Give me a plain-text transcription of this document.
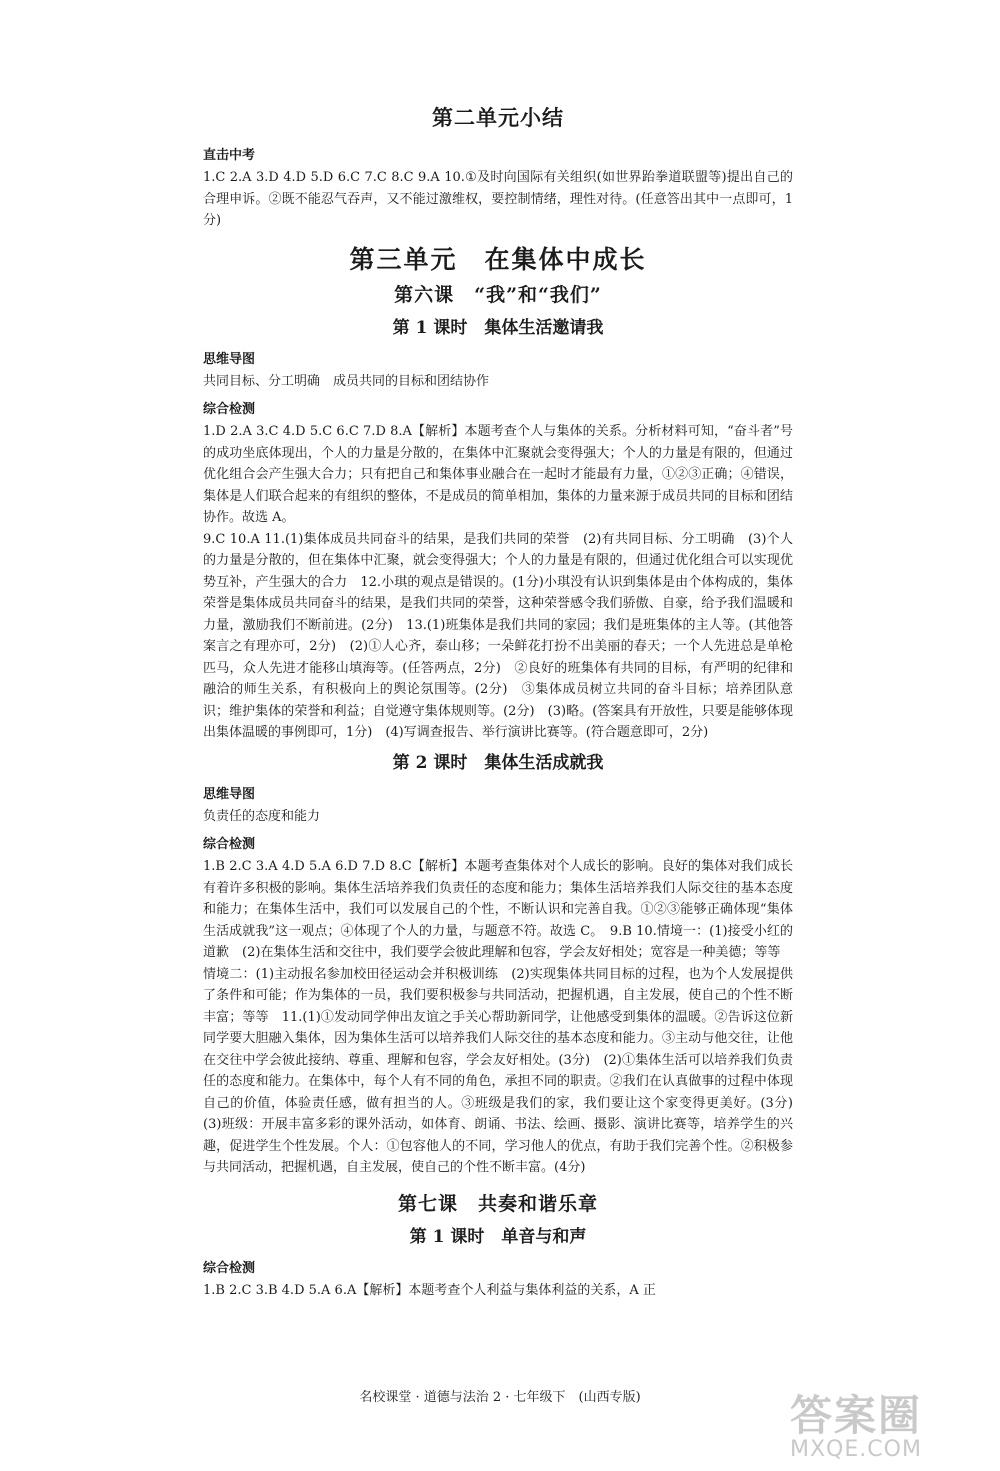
第二单元小结
直击中考

1.C 2.A 3.D 4.D 5.D 6.C 7.C 8.C 9.A 10.①及时向国际有关组织(如世界跆拳道联盟等)提出自己的合理申诉。②既不能忍气吞声，又不能过激维权，要控制情绪，理性对待。(任意答出其中一点即可，1分)

第三单元　在集体中成长
第六课　“我”和“我们”
第 1 课时　集体生活邀请我
思维导图

共同目标、分工明确　成员共同的目标和团结协作

综合检测

1.D 2.A 3.C 4.D 5.C 6.C 7.D 8.A【解析】本题考查个人与集体的关系。分析材料可知，“奋斗者”号的成功坐底体现出，个人的力量是分散的，在集体中汇聚就会变得强大；个人的力量是有限的，但通过优化组合会产生强大合力；只有把自己和集体事业融合在一起时才能最有力量，①②③正确；④错误，集体是人们联合起来的有组织的整体，不是成员的简单相加，集体的力量来源于成员共同的目标和团结协作。故选 A。

9.C 10.A 11.(1)集体成员共同奋斗的结果，是我们共同的荣誉　(2)有共同目标、分工明确　(3)个人的力量是分散的，但在集体中汇聚，就会变得强大；个人的力量是有限的，但通过优化组合可以实现优势互补，产生强大的合力　12.小琪的观点是错误的。(1分)小琪没有认识到集体是由个体构成的，集体荣誉是集体成员共同奋斗的结果，是我们共同的荣誉，这种荣誉感令我们骄傲、自豪，给予我们温暖和力量，激励我们不断前进。(2分)　13.(1)班集体是我们共同的家园；我们是班集体的主人等。(其他答案言之有理亦可，2分)　(2)①人心齐，泰山移；一朵鲜花打扮不出美丽的春天；一个人先进总是单枪匹马，众人先进才能移山填海等。(任答两点，2分)　②良好的班集体有共同的目标，有严明的纪律和融洽的师生关系，有积极向上的舆论氛围等。(2分)　③集体成员树立共同的奋斗目标；培养团队意识；维护集体的荣誉和利益；自觉遵守集体规则等。(2分)　(3)略。(答案具有开放性，只要是能够体现出集体温暖的事例即可，1分)　(4)写调查报告、举行演讲比赛等。(符合题意即可，2分)

第 2 课时　集体生活成就我
思维导图

负责任的态度和能力

综合检测

1.B 2.C 3.A 4.D 5.A 6.D 7.D 8.C【解析】本题考查集体对个人成长的影响。良好的集体对我们成长有着许多积极的影响。集体生活培养我们负责任的态度和能力；集体生活培养我们人际交往的基本态度和能力；在集体生活中，我们可以发展自己的个性，不断认识和完善自我。①②③能够正确体现“集体生活成就我”这一观点；④体现了个人的力量，与题意不符。故选 C。　9.B 10.情境一：(1)接受小红的道歉　(2)在集体生活和交往中，我们要学会彼此理解和包容，学会友好相处；宽容是一种美德；等等

情境二：(1)主动报名参加校田径运动会并积极训练　(2)实现集体共同目标的过程，也为个人发展提供了条件和可能；作为集体的一员，我们要积极参与共同活动，把握机遇，自主发展，使自己的个性不断丰富；等等　11.(1)①发动同学伸出友谊之手关心帮助新同学，让他感受到集体的温暖。②告诉这位新同学要大胆融入集体，因为集体生活可以培养我们人际交往的基本态度和能力。③主动与他交往，让他在交往中学会彼此接纳、尊重、理解和包容，学会友好相处。(3分)　(2)①集体生活可以培养我们负责任的态度和能力。在集体中，每个人有不同的角色，承担不同的职责。②我们在认真做事的过程中体现自己的价值，体验责任感，做有担当的人。③班级是我们的家，我们要让这个家变得更美好。(3分)　(3)班级：开展丰富多彩的课外活动，如体育、朗诵、书法、绘画、摄影、演讲比赛等，培养学生的兴趣，促进学生个性发展。个人：①包容他人的不同，学习他人的优点，有助于我们完善个性。②积极参与共同活动，把握机遇，自主发展，使自己的个性不断丰富。(4分)

第七课　共奏和谐乐章
第 1 课时　单音与和声
综合检测

1.B 2.C 3.B 4.D 5.A 6.A【解析】本题考查个人利益与集体利益的关系，A 正

名校课堂 · 道德与法治 2 · 七年级下　(山西专版)	答案圈
MXQE.COM
